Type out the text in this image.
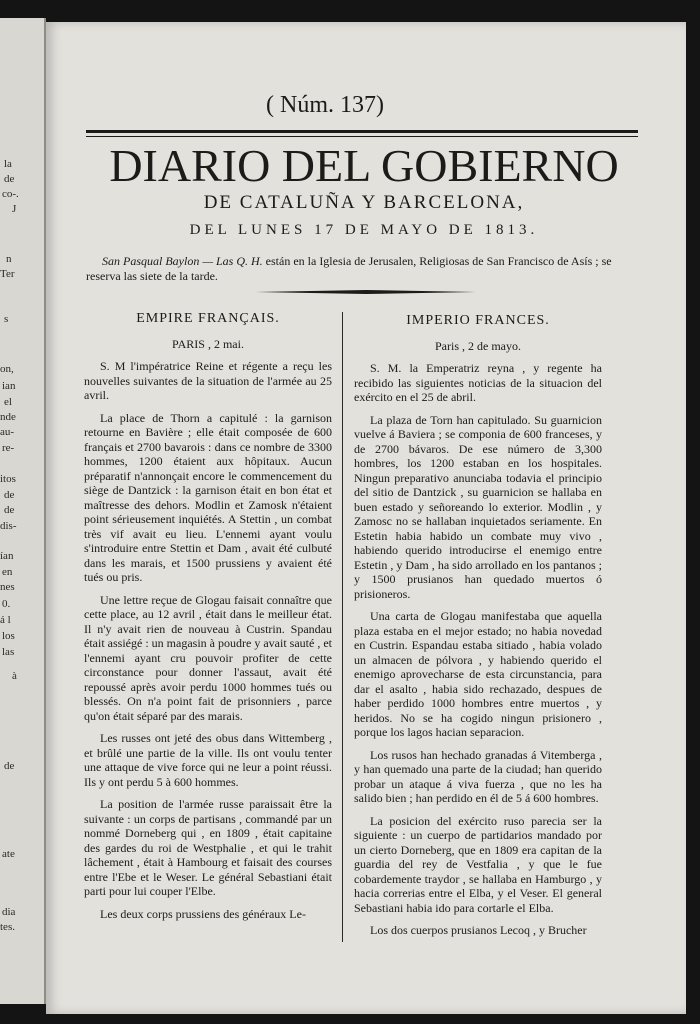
la
de
co-.
J
n
Ter
s
on,
ian
el
nde
au-
re-
itos
de
de
dis-
ían
en
nes
0.
á l
los
las
à
de
ate
dia
tes.
( Núm. 137)
DIARIO DEL GOBIERNO
DE CATALUÑA Y BARCELONA,
DEL LUNES 17 DE MAYO DE 1813.
San Pasqual Baylon — Las Q. H. están en la Iglesia de Jerusalen, Religiosas de San Francisco de Asís ; se reserva las siete de la tarde.
EMPIRE FRANÇAIS.
PARIS , 2 mai.

S. M l'impératrice Reine et régente a reçu les nouvelles suivantes de la situation de l'armée au 25 avril.

La place de Thorn a capitulé : la garnison retourne en Bavière ; elle était composée de 600 français et 2700 bavarois : dans ce nombre de 3300 hommes, 1200 étaient aux hôpitaux. Aucun préparatif n'annonçait encore le commencement du siège de Dantzick : la garnison était en bon état et maîtresse des dehors. Modlin et Zamosk n'étaient point sérieusement inquiétés. A Stettin , un combat très vif avait eu lieu. L'ennemi ayant voulu s'introduire entre Stettin et Dam , avait été culbuté dans les marais, et 1500 prussiens y avaient été tués ou pris.

Une lettre reçue de Glogau faisait connaître que cette place, au 12 avril , était dans le meilleur état. Il n'y avait rien de nouveau à Custrin. Spandau était assiégé : un magasin à poudre y avait sauté , et l'ennemi ayant cru pouvoir profiter de cette circonstance pour donner l'assaut, avait été repoussé après avoir perdu 1000 hommes tués ou blessés. On n'a point fait de prisonniers , parce qu'on était séparé par des marais.

Les russes ont jeté des obus dans Wittemberg , et brûlé une partie de la ville. Ils ont voulu tenter une attaque de vive force qui ne leur a point réussi. Ils y ont perdu 5 à 600 hommes.

La position de l'armée russe paraissait être la suivante : un corps de partisans , commandé par un nommé Dorneberg qui , en 1809 , était capitaine des gardes du roi de Westphalie , et qui le trahit lâchement , était à Hambourg et faisait des courses entre l'Ebe et le Weser. Le général Sebastiani était parti pour lui couper l'Elbe.

Les deux corps prussiens des généraux Le-

IMPERIO FRANCES.
Paris , 2 de mayo.

S. M. la Emperatriz reyna , y regente ha recibido las siguientes noticias de la situacion del exército en el 25 de abril.

La plaza de Torn han capitulado. Su guarnicion vuelve á Baviera ; se componia de 600 franceses, y de 2700 bávaros. De ese número de 3,300 hombres, los 1200 estaban en los hospitales. Ningun preparativo anunciaba todavia el principio del sitio de Dantzick , su guarnicion se hallaba en buen estado y señoreando lo exterior. Modlin , y Zamosc no se hallaban inquietados seriamente. En Estetin habia habido un combate muy vivo , habiendo querido introducirse el enemigo entre Estetin , y Dam , ha sido arrollado en los pantanos ; y 1500 prusianos han quedado muertos ó prisioneros.

Una carta de Glogau manifestaba que aquella plaza estaba en el mejor estado; no habia novedad en Custrin. Espandau estaba sitiado , habia volado un almacen de pólvora , y habiendo querido el enemigo aprovecharse de esta circunstancia, para dar el asalto , habia sido rechazado, despues de haber perdido 1000 hombres entre muertos , y heridos. No se ha cogido ningun prisionero , porque los lagos hacian separacion.

Los rusos han hechado granadas á Vitemberga , y han quemado una parte de la ciudad; han querido probar un ataque á viva fuerza , que no les ha salido bien ; han perdido en él de 5 á 600 hombres.

La posicion del exército ruso parecia ser la siguiente : un cuerpo de partidarios mandado por un cierto Dorneberg, que en 1809 era capitan de la guardia del rey de Vestfalia , y que le fue cobardemente traydor , se hallaba en Hamburgo , y hacia correrias entre el Elba, y el Veser. El general Sebastiani habia ido para cortarle el Elba.

Los dos cuerpos prusianos Lecoq , y Brucher
